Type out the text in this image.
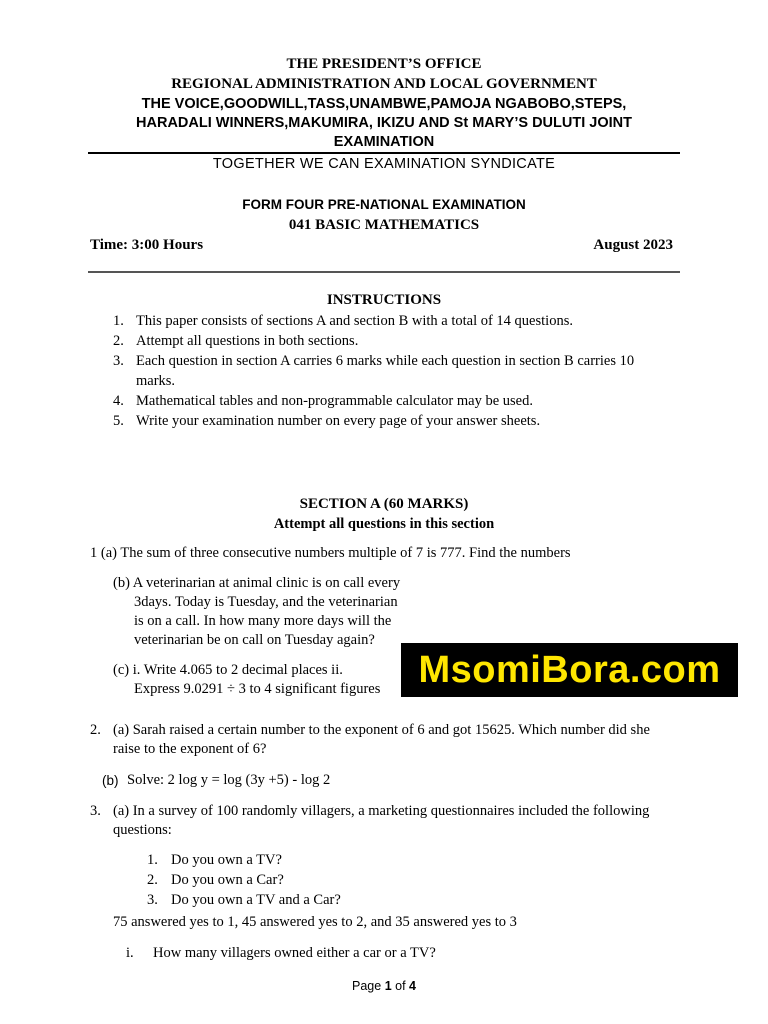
THE PRESIDENT’S OFFICE
REGIONAL ADMINISTRATION AND LOCAL GOVERNMENT
THE VOICE,GOODWILL,TASS,UNAMBWE,PAMOJA NGABOBO,STEPS,
HARADALI WINNERS,MAKUMIRA, IKIZU AND St MARY’S DULUTI JOINT
EXAMINATION
TOGETHER WE CAN EXAMINATION SYNDICATE
FORM FOUR PRE-NATIONAL EXAMINATION
041 BASIC MATHEMATICS
Time: 3:00 Hours	August 2023
INSTRUCTIONS
1. This paper consists of sections A and section B with a total of 14 questions.
2. Attempt all questions in both sections.
3. Each question in section A carries 6 marks while each question in section B carries 10
marks.
4. Mathematical tables and non-programmable calculator may be used.
5. Write your examination number on every page of your answer sheets.
SECTION A (60 MARKS)
Attempt all questions in this section
1 (a) The sum of three consecutive numbers multiple of 7 is 777. Find the numbers
(b) A veterinarian at animal clinic is on call every
3days. Today is Tuesday, and the veterinarian
is on a call. In how many more days will the
veterinarian be on call on Tuesday again?
(c) i. Write 4.065 to 2 decimal places ii.
Express 9.0291 ÷ 3 to 4 significant figures	MsomiBora.com
2. (a) Sarah raised a certain number to the exponent of 6 and got 15625. Which number did she
raise to the exponent of 6?
(b) Solve: 2 log y = log (3y +5) - log 2
3. (a) In a survey of 100 randomly villagers, a marketing questionnaires included the following
questions:
1. Do you own a TV?
2. Do you own a Car?
3. Do you own a TV and a Car?
75 answered yes to 1, 45 answered yes to 2, and 35 answered yes to 3
i. How many villagers owned either a car or a TV?
Page 1 of 4
